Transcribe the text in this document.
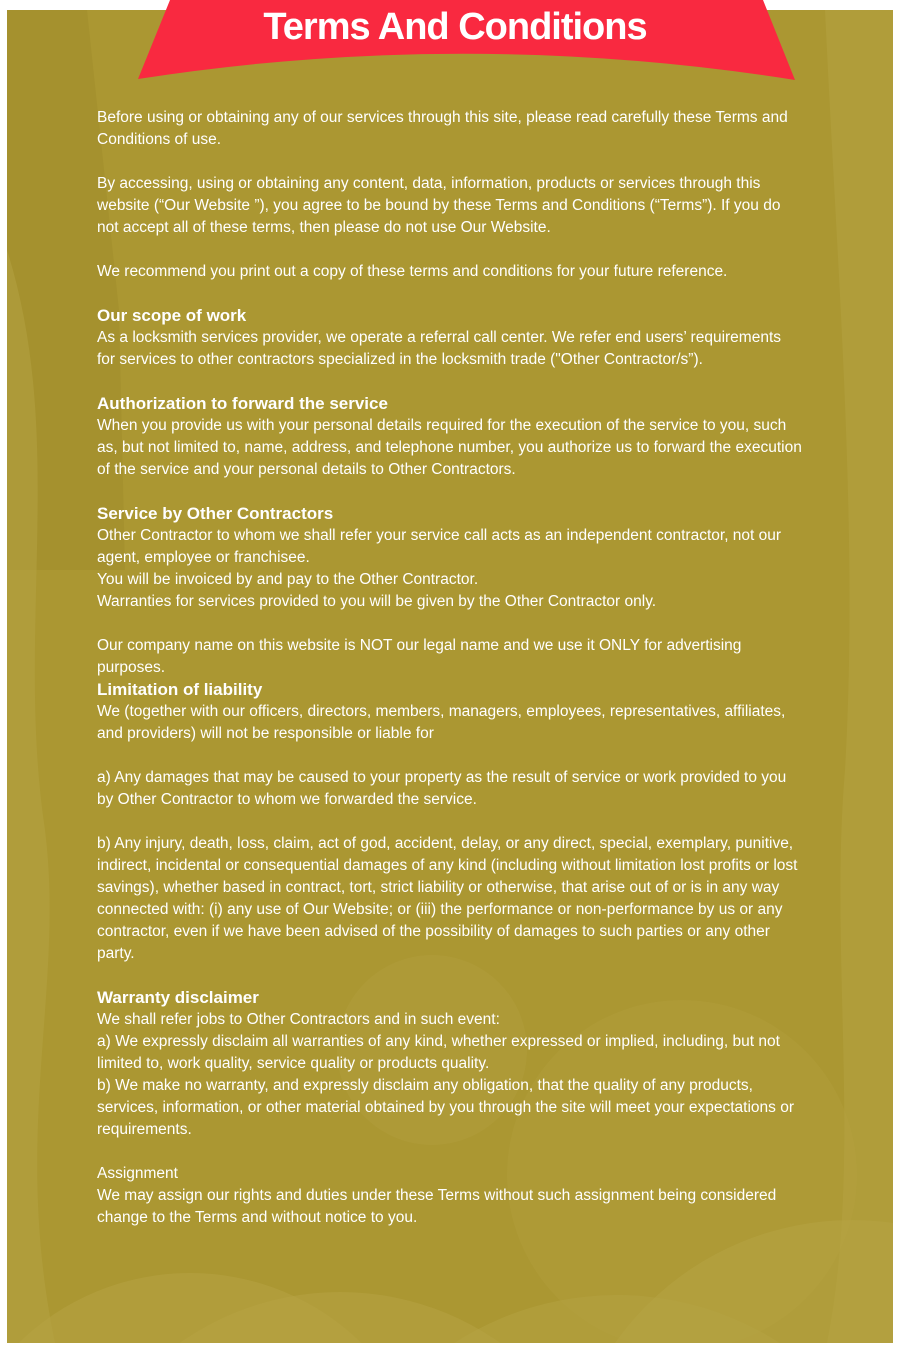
Before using or obtaining any of our services through this site, please read carefully these Terms and Conditions of use.

By accessing, using or obtaining any content, data, information, products or services through this website (“Our Website ”), you agree to be bound by these Terms and Conditions (“Terms”). If you do not accept all of these terms, then please do not use Our Website.

We recommend you print out a copy of these terms and conditions for your future reference.

Our scope of work

As a locksmith services provider, we operate a referral call center. We refer end users’ requirements for services to other contractors specialized in the locksmith trade ("Other Contractor/s”).

Authorization to forward the service

When you provide us with your personal details required for the execution of the service to you, such as, but not limited to, name, address, and telephone number, you authorize us to forward the execution of the service and your personal details to Other Contractors.

Service by Other Contractors

Other Contractor to whom we shall refer your service call acts as an independent contractor, not our agent, employee or franchisee.

You will be invoiced by and pay to the Other Contractor.

Warranties for services provided to you will be given by the Other Contractor only.

Our company name on this website is NOT our legal name and we use it ONLY for advertising purposes.

Limitation of liability

We (together with our officers, directors, members, managers, employees, representatives, affiliates, and providers) will not be responsible or liable for

a) Any damages that may be caused to your property as the result of service or work provided to you by Other Contractor to whom we forwarded the service.

b) Any injury, death, loss, claim, act of god, accident, delay, or any direct, special, exemplary, punitive, indirect, incidental or consequential damages of any kind (including without limitation lost profits or lost savings), whether based in contract, tort, strict liability or otherwise, that arise out of or is in any way connected with: (i) any use of Our Website; or (iii) the performance or non-performance by us or any contractor, even if we have been advised of the possibility of damages to such parties or any other party.

Warranty disclaimer

We shall refer jobs to Other Contractors and in such event:

a) We expressly disclaim all warranties of any kind, whether expressed or implied, including, but not limited to, work quality, service quality or products quality.

b) We make no warranty, and expressly disclaim any obligation, that the quality of any products, services, information, or other material obtained by you through the site will meet your expectations or requirements.

Assignment

We may assign our rights and duties under these Terms without such assignment being considered change to the Terms and without notice to you.

Terms And Conditions
